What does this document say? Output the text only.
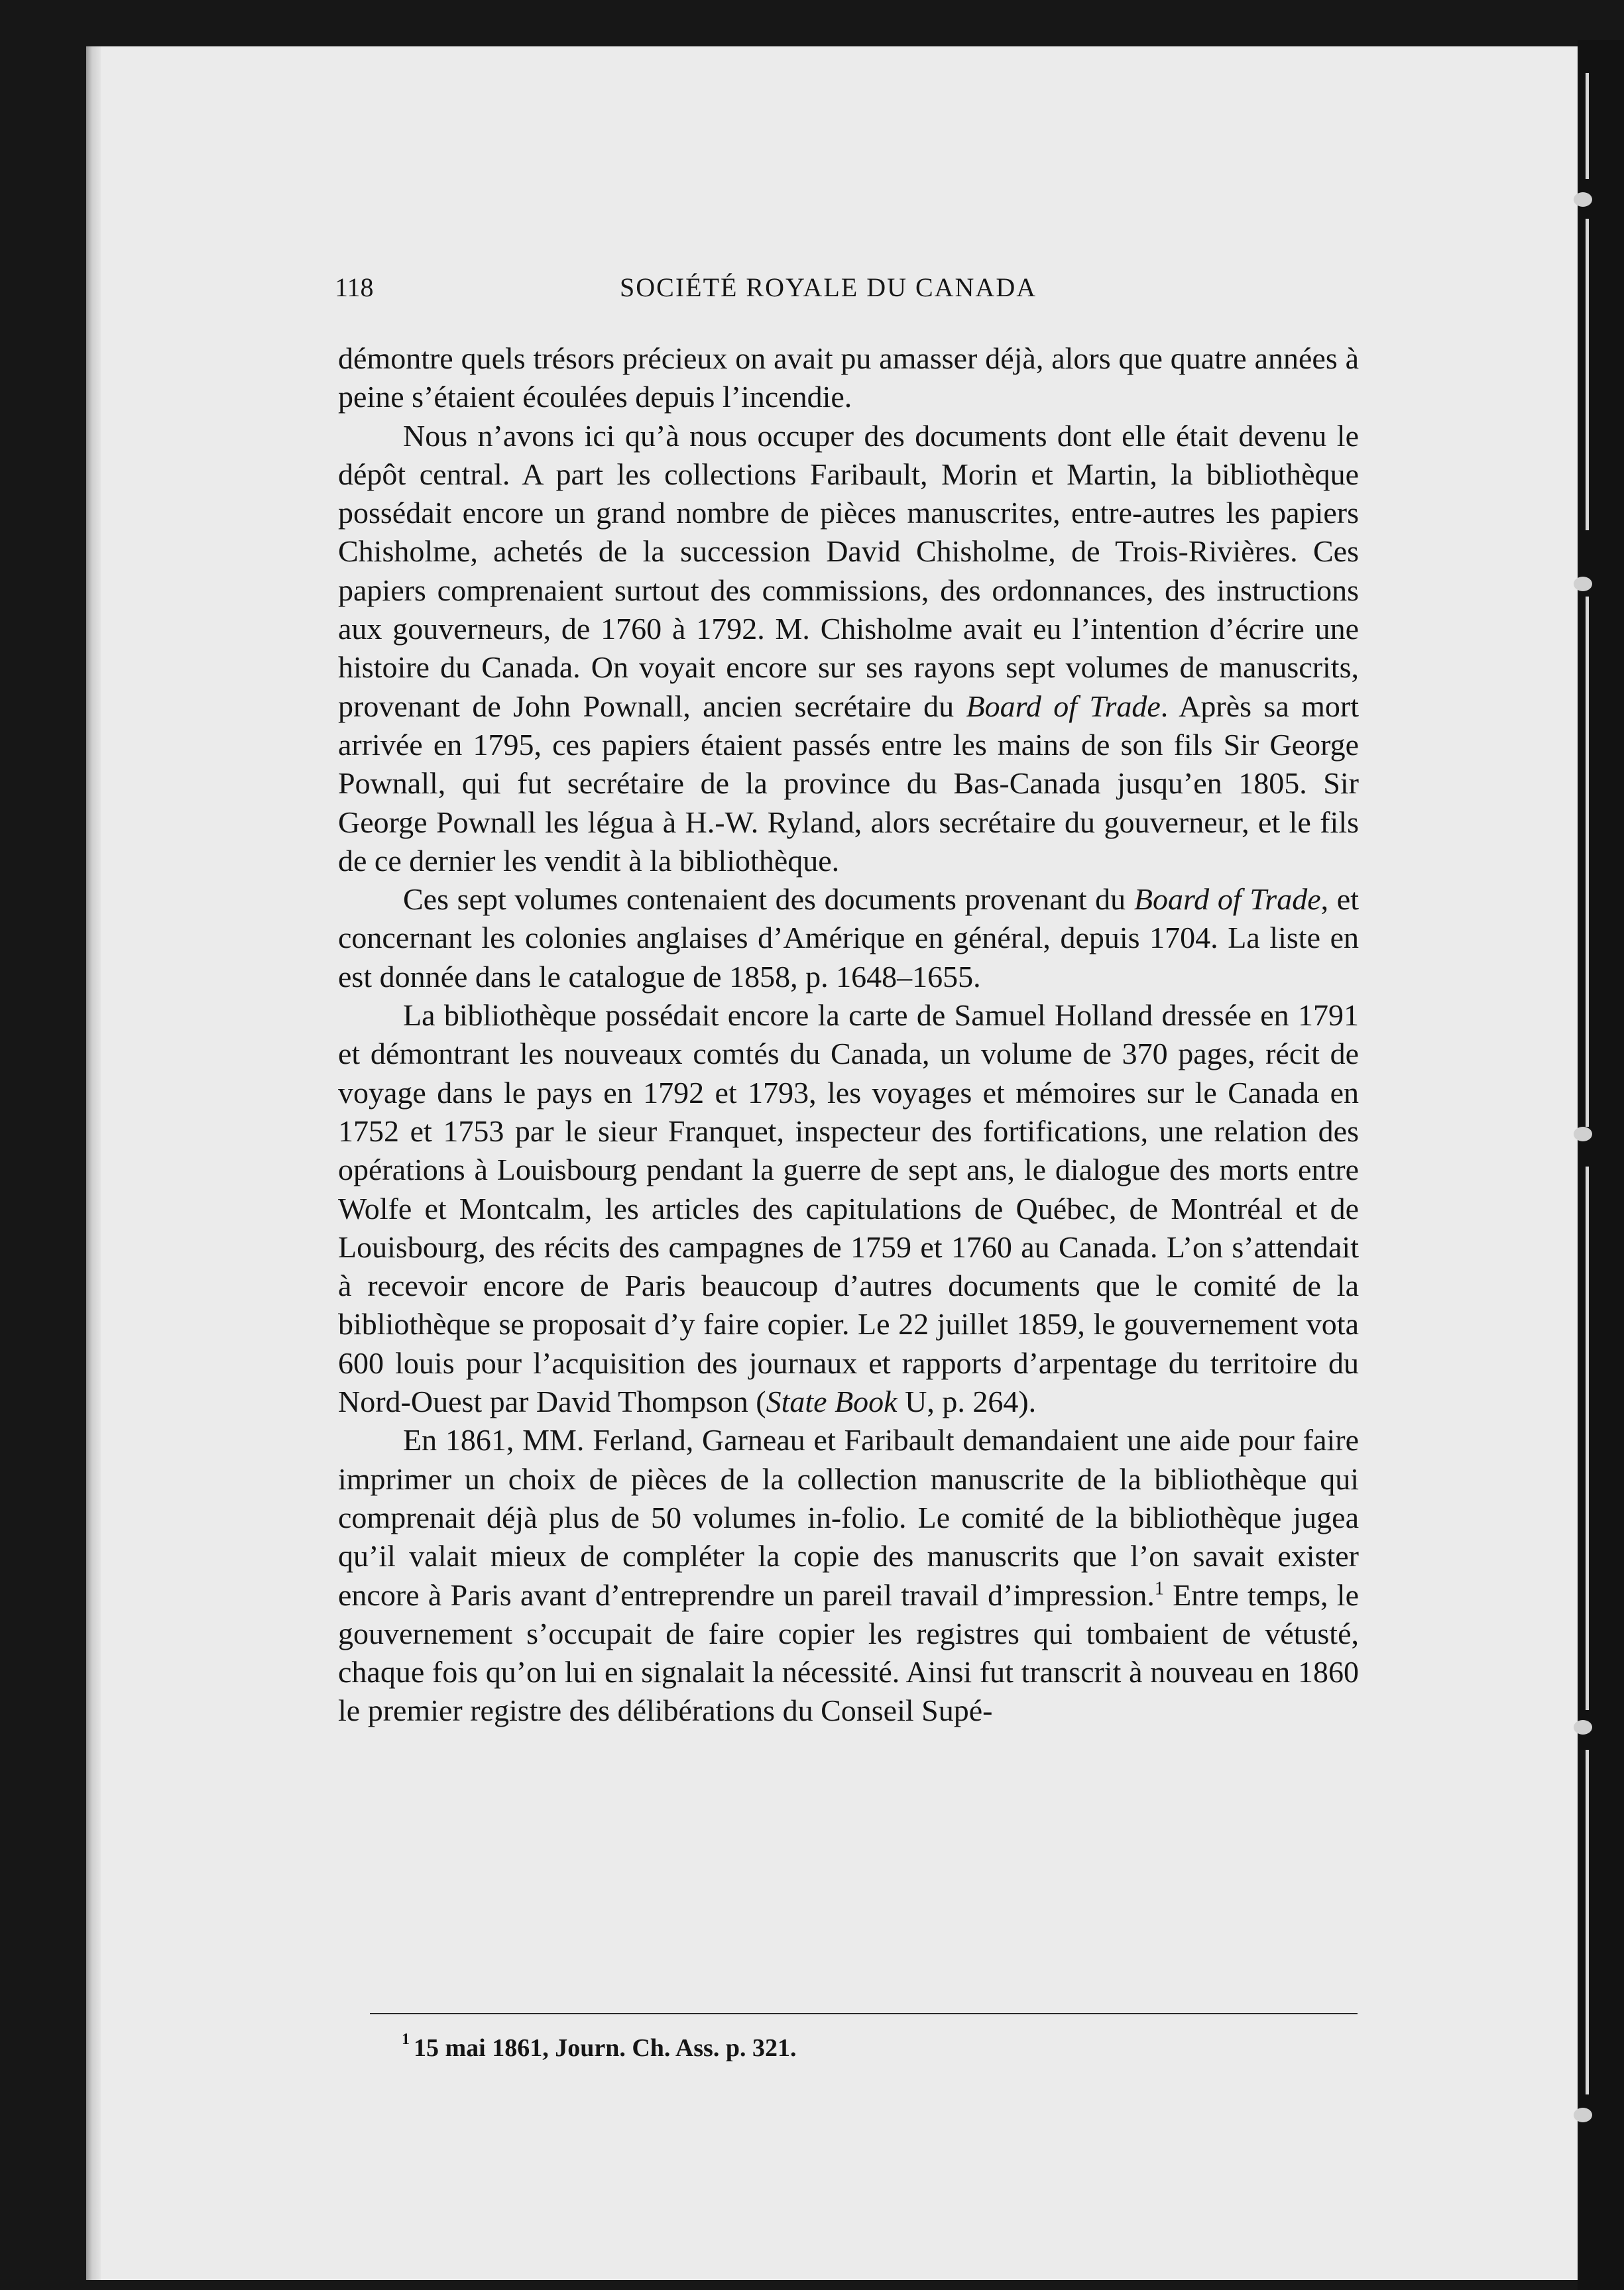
118	SOCIÉTÉ ROYALE DU CANADA

démontre quels trésors précieux on avait pu amasser déjà, alors que quatre années à peine s’étaient écoulées depuis l’incendie.

Nous n’avons ici qu’à nous occuper des documents dont elle était devenu le dépôt central. A part les collections Faribault, Morin et Martin, la bibliothèque possédait encore un grand nombre de pièces manuscrites, entre-autres les papiers Chisholme, achetés de la succession David Chisholme, de Trois-Rivières. Ces papiers comprenaient surtout des commissions, des ordonnances, des instructions aux gouverneurs, de 1760 à 1792. M. Chisholme avait eu l’intention d’écrire une histoire du Canada. On voyait encore sur ses rayons sept volumes de manuscrits, provenant de John Pownall, ancien secrétaire du Board of Trade. Après sa mort arrivée en 1795, ces papiers étaient passés entre les mains de son fils Sir George Pownall, qui fut secrétaire de la province du Bas-Canada jusqu’en 1805. Sir George Pownall les légua à H.-W. Ryland, alors secrétaire du gouverneur, et le fils de ce dernier les vendit à la bibliothèque.

Ces sept volumes contenaient des documents provenant du Board of Trade, et concernant les colonies anglaises d’Amérique en général, depuis 1704. La liste en est donnée dans le catalogue de 1858, p. 1648–1655.

La bibliothèque possédait encore la carte de Samuel Holland dressée en 1791 et démontrant les nouveaux comtés du Canada, un volume de 370 pages, récit de voyage dans le pays en 1792 et 1793, les voyages et mémoires sur le Canada en 1752 et 1753 par le sieur Franquet, inspecteur des fortifications, une relation des opérations à Louisbourg pendant la guerre de sept ans, le dialogue des morts entre Wolfe et Montcalm, les articles des capitulations de Québec, de Montréal et de Louisbourg, des récits des campagnes de 1759 et 1760 au Canada. L’on s’attendait à recevoir encore de Paris beaucoup d’autres documents que le comité de la bibliothèque se proposait d’y faire copier. Le 22 juillet 1859, le gouvernement vota 600 louis pour l’acquisition des journaux et rapports d’arpentage du territoire du Nord-Ouest par David Thompson (State Book U, p. 264).

En 1861, MM. Ferland, Garneau et Faribault demandaient une aide pour faire imprimer un choix de pièces de la collection manuscrite de la bibliothèque qui comprenait déjà plus de 50 volumes in-folio. Le comité de la bibliothèque jugea qu’il valait mieux de compléter la copie des manuscrits que l’on savait exister encore à Paris avant d’entreprendre un pareil travail d’impression.$^1$ Entre temps, le gouvernement s’occupait de faire copier les registres qui tombaient de vétusté, chaque fois qu’on lui en signalait la nécessité. Ainsi fut transcrit à nouveau en 1860 le premier registre des délibérations du Conseil Supé-

$^1$ 15 mai 1861, Journ. Ch. Ass. p. 321.
